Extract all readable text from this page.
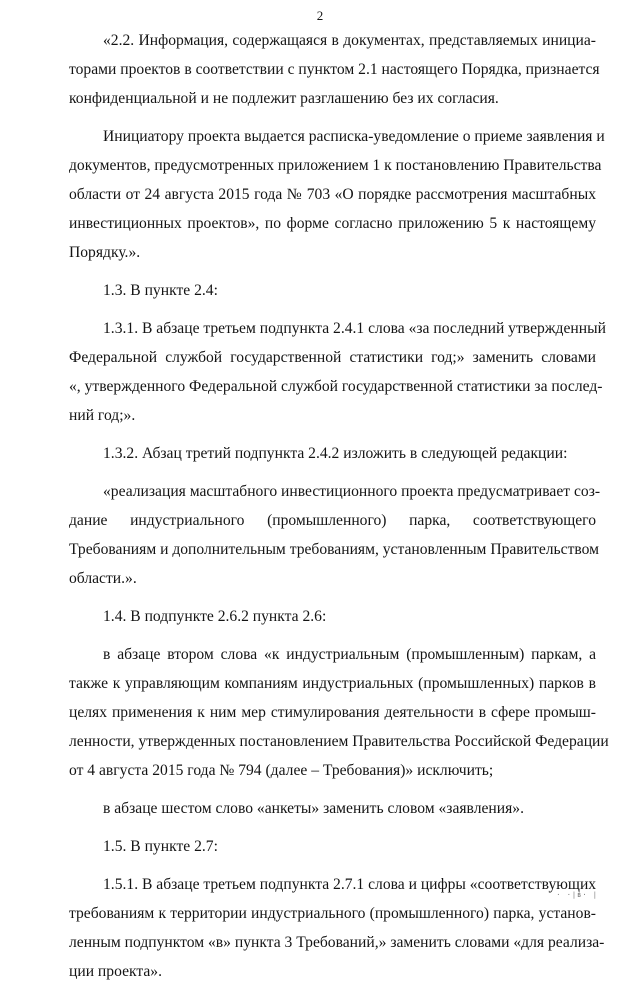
2

«2.2. Информация, содержащаяся в документах, представляемых инициа-
торами проектов в соответствии с пунктом 2.1 настоящего Порядка, признается
конфиденциальной и не подлежит разглашению без их согласия.

Инициатору проекта выдается расписка-уведомление о приеме заявления и
документов, предусмотренных приложением 1 к постановлению Правительства
области от 24 августа 2015 года № 703 «О порядке рассмотрения масштабных
инвестиционных проектов», по форме согласно приложению 5 к настоящему
Порядку.».

1.3. В пункте 2.4:

1.3.1. В абзаце третьем подпункта 2.4.1 слова «за последний утвержденный
Федеральной службой государственной статистики год;» заменить словами
«, утвержденного Федеральной службой государственной статистики за послед-
ний год;».

1.3.2. Абзац третий подпункта 2.4.2 изложить в следующей редакции:

«реализация масштабного инвестиционного проекта предусматривает соз-
дание индустриального (промышленного) парка, соответствующего
Требованиям и дополнительным требованиям, установленным Правительством
области.».

1.4. В подпункте 2.6.2 пункта 2.6:

в абзаце втором слова «к индустриальным (промышленным) паркам, а
также к управляющим компаниям индустриальных (промышленных) парков в
целях применения к ним мер стимулирования деятельности в сфере промыш-
ленности, утвержденных постановлением Правительства Российской Федерации
от 4 августа 2015 года № 794 (далее – Требования)» исключить;

в абзаце шестом слово «анкеты» заменить словом «заявления».

1.5. В пункте 2.7:

1.5.1. В абзаце третьем подпункта 2.7.1 слова и цифры «соответствующих
требованиям к территории индустриального (промышленного) парка, установ-
ленным подпунктом «в» пункта 3 Требований,» заменить словами «для реализа-
ции проекта».

· ·|ʙ· |
